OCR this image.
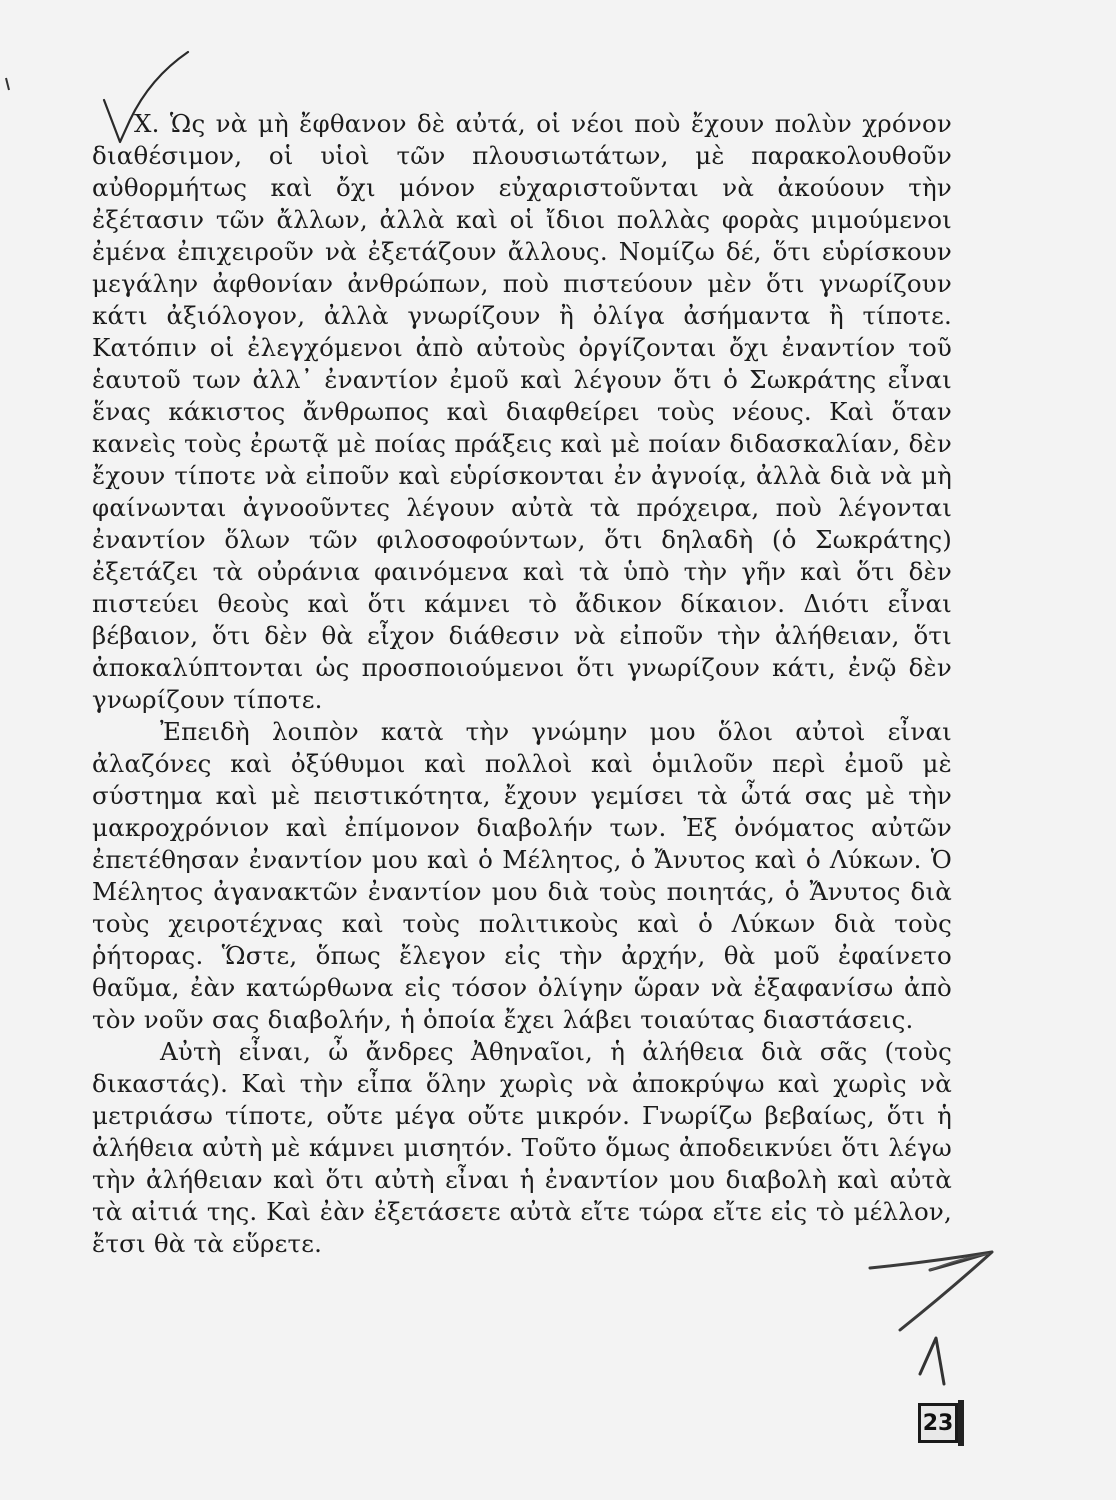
Χ. Ὡς νὰ μὴ ἔφθανον δὲ αὐτά, οἱ νέοι ποὺ ἔχουν πολὺν χρόνον διαθέσιμον, οἱ υἱοὶ τῶν πλουσιωτάτων, μὲ παρακολουθοῦν αὐθορμήτως καὶ ὄχι μόνον εὐχαριστοῦνται νὰ ἀκούουν τὴν ἐξέτασιν τῶν ἄλλων, ἀλλὰ καὶ οἱ ἴδιοι πολλὰς φορὰς μιμούμενοι ἐμένα ἐπιχειροῦν νὰ ἐξετάζουν ἄλλους. Νομίζω δέ, ὅτι εὑρίσκουν μεγάλην ἀφθονίαν ἀνθρώπων, ποὺ πιστεύουν μὲν ὅτι γνωρίζουν κάτι ἀξιόλογον, ἀλλὰ γνωρίζουν ἢ ὀλίγα ἀσήμαντα ἢ τίποτε. Κατόπιν οἱ ἐλεγχόμενοι ἀπὸ αὐτοὺς ὀργίζονται ὄχι ἐναντίον τοῦ ἑαυτοῦ των ἀλλ᾽ ἐναντίον ἐμοῦ καὶ λέγουν ὅτι ὁ Σωκράτης εἶναι ἕνας κάκιστος ἄνθρωπος καὶ διαφθείρει τοὺς νέους. Καὶ ὅταν κανεὶς τοὺς ἐρωτᾷ μὲ ποίας πράξεις καὶ μὲ ποίαν διδασκαλίαν, δὲν ἔχουν τίποτε νὰ εἰποῦν καὶ εὑρίσκονται ἐν ἀγνοίᾳ, ἀλλὰ διὰ νὰ μὴ φαίνωνται ἀγνοοῦντες λέγουν αὐτὰ τὰ πρόχειρα, ποὺ λέγονται ἐναντίον ὅλων τῶν φιλοσοφούντων, ὅτι δηλαδὴ (ὁ Σωκράτης) ἐξετάζει τὰ οὐράνια φαινόμενα καὶ τὰ ὑπὸ τὴν γῆν καὶ ὅτι δὲν πιστεύει θεοὺς καὶ ὅτι κάμνει τὸ ἄδικον δίκαιον. Διότι εἶναι βέβαιον, ὅτι δὲν θὰ εἶχον διάθεσιν νὰ εἰποῦν τὴν ἀλήθειαν, ὅτι ἀποκαλύπτονται ὡς προσποιούμενοι ὅτι γνωρίζουν κάτι, ἐνῷ δὲν γνωρίζουν τίποτε.

Ἐπειδὴ λοιπὸν κατὰ τὴν γνώμην μου ὅλοι αὐτοὶ εἶναι ἀλαζόνες καὶ ὀξύθυμοι καὶ πολλοὶ καὶ ὁμιλοῦν περὶ ἐμοῦ μὲ σύστημα καὶ μὲ πειστικότητα, ἔχουν γεμίσει τὰ ὦτά σας μὲ τὴν μακροχρόνιον καὶ ἐπίμονον διαβολήν των. Ἐξ ὀνόματος αὐτῶν ἐπετέθησαν ἐναντίον μου καὶ ὁ Μέλητος, ὁ Ἄνυτος καὶ ὁ Λύκων. Ὁ Μέλητος ἀγανακτῶν ἐναντίον μου διὰ τοὺς ποιητάς, ὁ Ἄνυτος διὰ τοὺς χειροτέχνας καὶ τοὺς πολιτικοὺς καὶ ὁ Λύκων διὰ τοὺς ῥήτορας. Ὥστε, ὅπως ἔλεγον εἰς τὴν ἀρχήν, θὰ μοῦ ἐφαίνετο θαῦμα, ἐὰν κατώρθωνα εἰς τόσον ὀλίγην ὥραν νὰ ἐξαφανίσω ἀπὸ τὸν νοῦν σας διαβολήν, ἡ ὁποία ἔχει λάβει τοιαύτας διαστάσεις.

Αὐτὴ εἶναι, ὦ ἄνδρες Ἀθηναῖοι, ἡ ἀλήθεια διὰ σᾶς (τοὺς δικαστάς). Καὶ τὴν εἶπα ὅλην χωρὶς νὰ ἀποκρύψω καὶ χωρὶς νὰ μετριάσω τίποτε, οὔτε μέγα οὔτε μικρόν. Γνωρίζω βεβαίως, ὅτι ἡ ἀλήθεια αὐτὴ μὲ κάμνει μισητόν. Τοῦτο ὅμως ἀποδεικνύει ὅτι λέγω τὴν ἀλήθειαν καὶ ὅτι αὐτὴ εἶναι ἡ ἐναντίον μου διαβολὴ καὶ αὐτὰ τὰ αἰτιά της. Καὶ ἐὰν ἐξετάσετε αὐτὰ εἴτε τώρα εἴτε εἰς τὸ μέλλον, ἔτσι θὰ τὰ εὕρετε.

23
